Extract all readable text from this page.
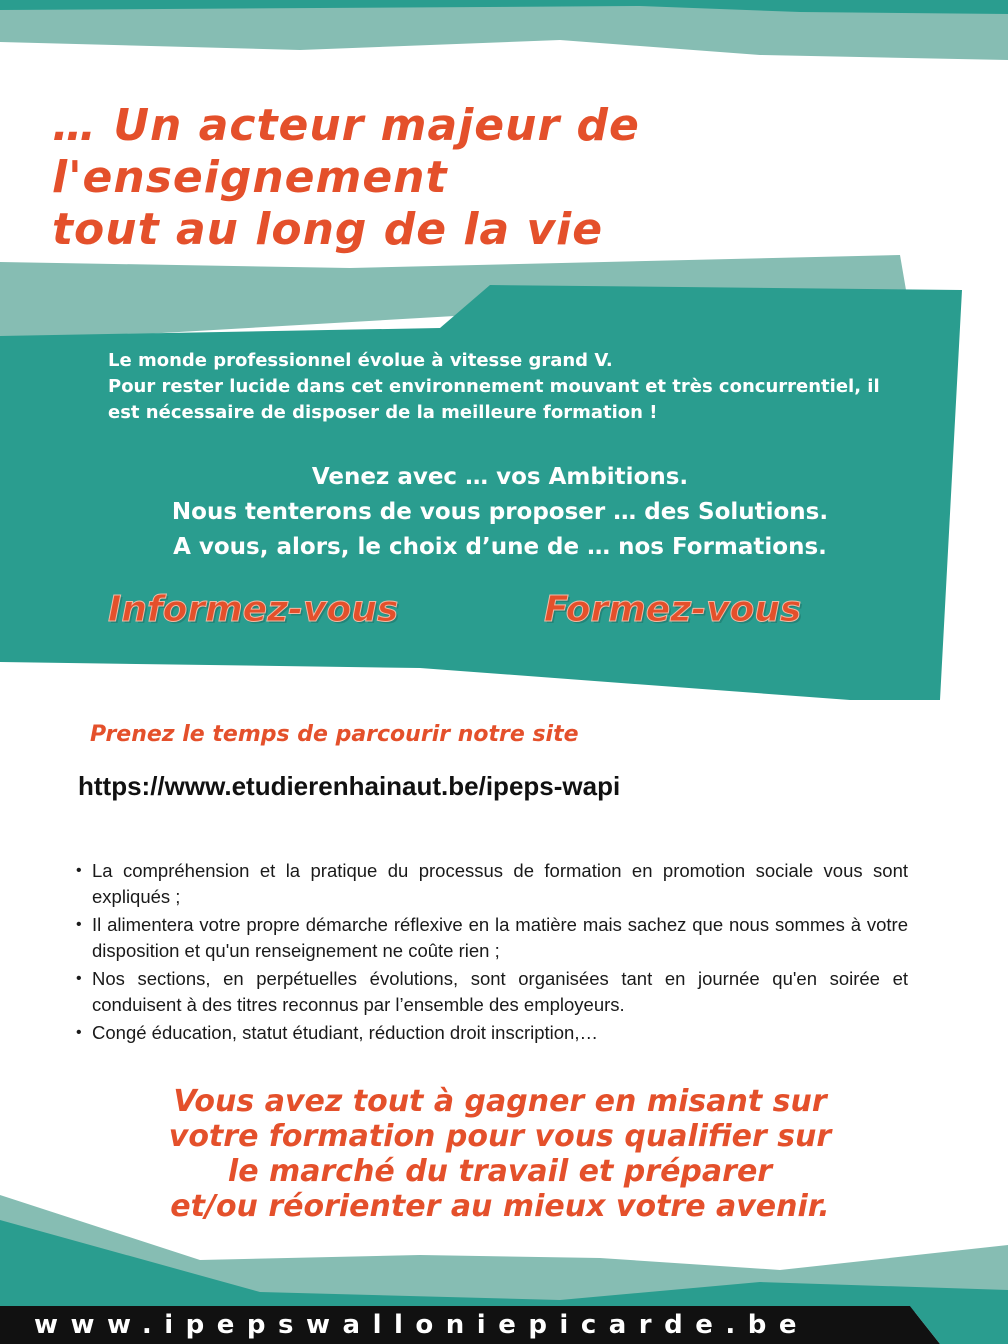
… Un acteur majeur de l'enseignement
tout au long de la vie
Le monde professionnel évolue à vitesse grand V.
Pour rester lucide dans cet environnement mouvant et très concurrentiel, il
est nécessaire de disposer de la meilleure formation !
Venez avec … vos Ambitions.
Nous tenterons de vous proposer … des Solutions.
A vous, alors, le choix d’une de … nos Formations.
Informez-vous	Formez-vous
Prenez le temps de parcourir notre site
https://www.etudierenhainaut.be/ipeps-wapi
• La compréhension et la pratique du processus de formation en promotion sociale vous sont expliqués ;
• Il alimentera votre propre démarche réflexive en la matière mais sachez que nous sommes à votre disposition et qu'un renseignement ne coûte rien ;
• Nos sections, en perpétuelles évolutions, sont organisées tant en journée qu'en soirée et conduisent à des titres reconnus par l’ensemble des employeurs.
• Congé éducation, statut étudiant, réduction droit inscription,…
Vous avez tout à gagner en misant sur
votre formation pour vous qualifier sur
le marché du travail et préparer
et/ou réorienter au mieux votre avenir.
www.ipepswalloniepicarde.be
